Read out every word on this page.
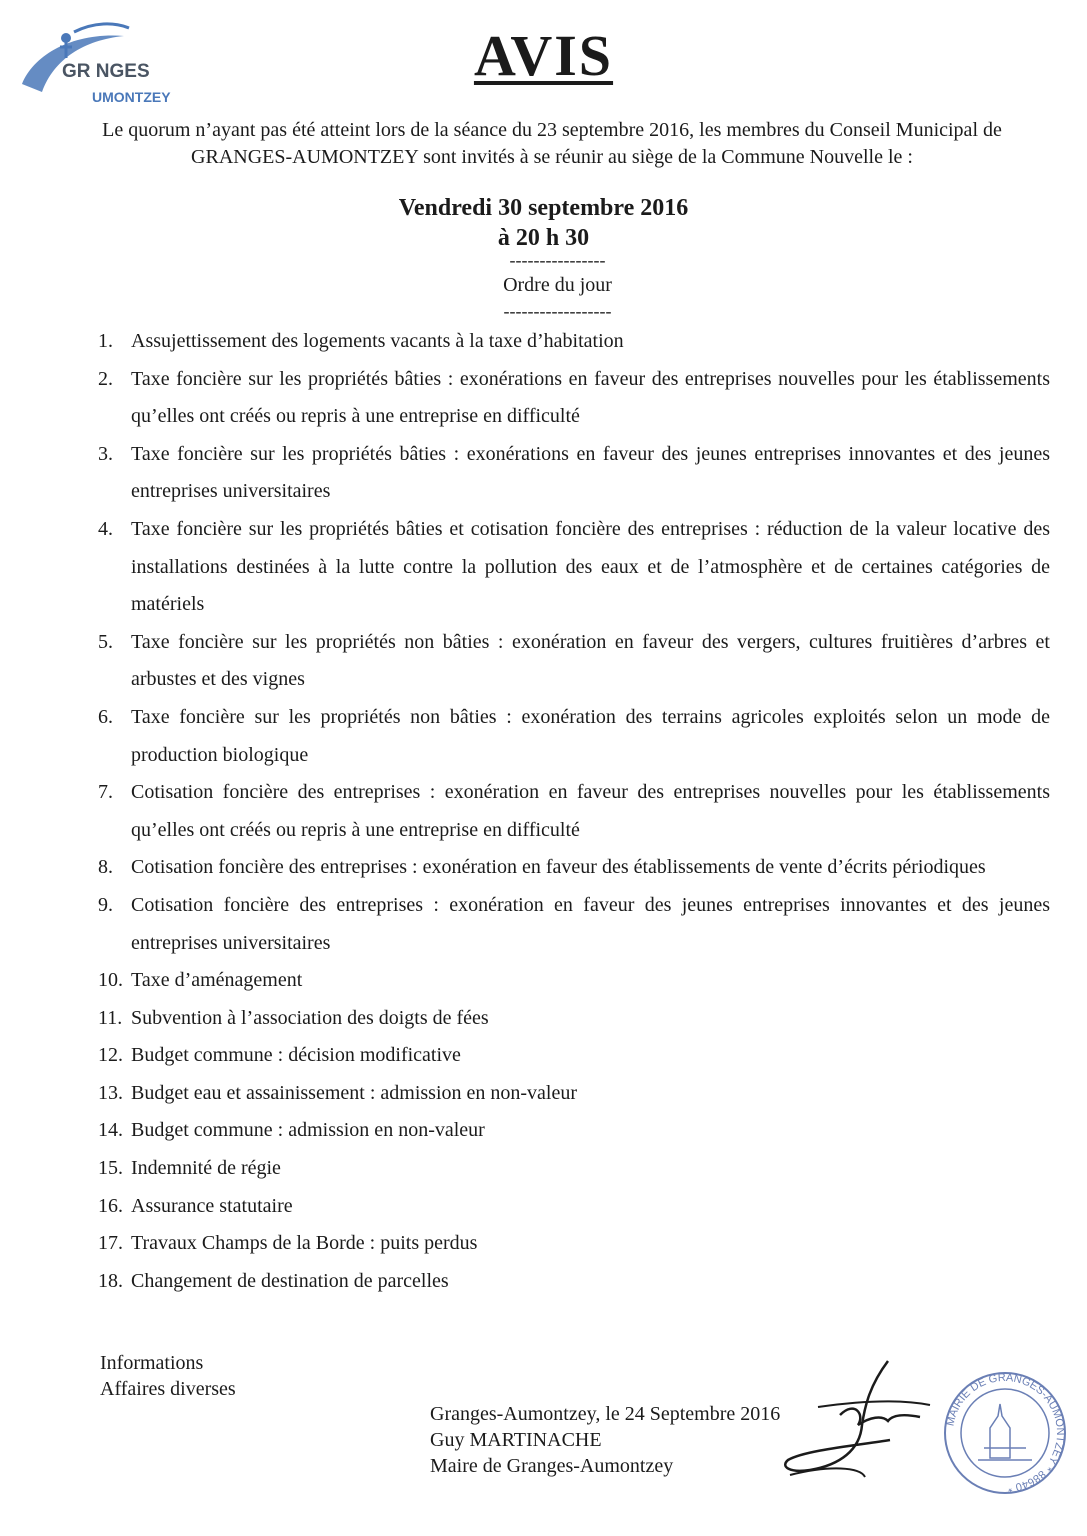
GR NGES
UMONTZEY
AVIS
Le quorum n’ayant pas été atteint lors de la séance du 23 septembre 2016, les membres du Conseil Municipal de GRANGES-AUMONTZEY sont invités à se réunir au siège de la Commune Nouvelle le :
Vendredi 30 septembre 2016
à 20 h 30
----------------
Ordre du jour
------------------
1. Assujettissement des logements vacants à la taxe d’habitation
2. Taxe foncière sur les propriétés bâties : exonérations en faveur des entreprises nouvelles pour les établissements qu’elles ont créés ou repris à une entreprise en difficulté
3. Taxe foncière sur les propriétés bâties : exonérations en faveur des jeunes entreprises innovantes et des jeunes entreprises universitaires
4. Taxe foncière sur les propriétés bâties et cotisation foncière des entreprises : réduction de la valeur locative des installations destinées à la lutte contre la pollution des eaux et de l’atmosphère et de certaines catégories de matériels
5. Taxe foncière sur les propriétés non bâties : exonération en faveur des vergers, cultures fruitières d’arbres et arbustes et des vignes
6. Taxe foncière sur les propriétés non bâties : exonération des terrains agricoles exploités selon un mode de production biologique
7. Cotisation foncière des entreprises : exonération en faveur des entreprises nouvelles pour les établissements qu’elles ont créés ou repris à une entreprise en difficulté
8. Cotisation foncière des entreprises : exonération en faveur des établissements de vente d’écrits périodiques
9. Cotisation foncière des entreprises : exonération en faveur des jeunes entreprises innovantes et des jeunes entreprises universitaires
10. Taxe d’aménagement
11. Subvention à l’association des doigts de fées
12. Budget commune : décision modificative
13. Budget eau et assainissement : admission en non-valeur
14. Budget commune : admission en non-valeur
15. Indemnité de régie
16. Assurance statutaire
17. Travaux Champs de la Borde : puits perdus
18. Changement de destination de parcelles
Informations
Affaires diverses
Granges-Aumontzey, le 24 Septembre 2016
Guy MARTINACHE
Maire de Granges-Aumontzey
MAIRIE DE GRANGES-AUMONTZEY * 88640 *
